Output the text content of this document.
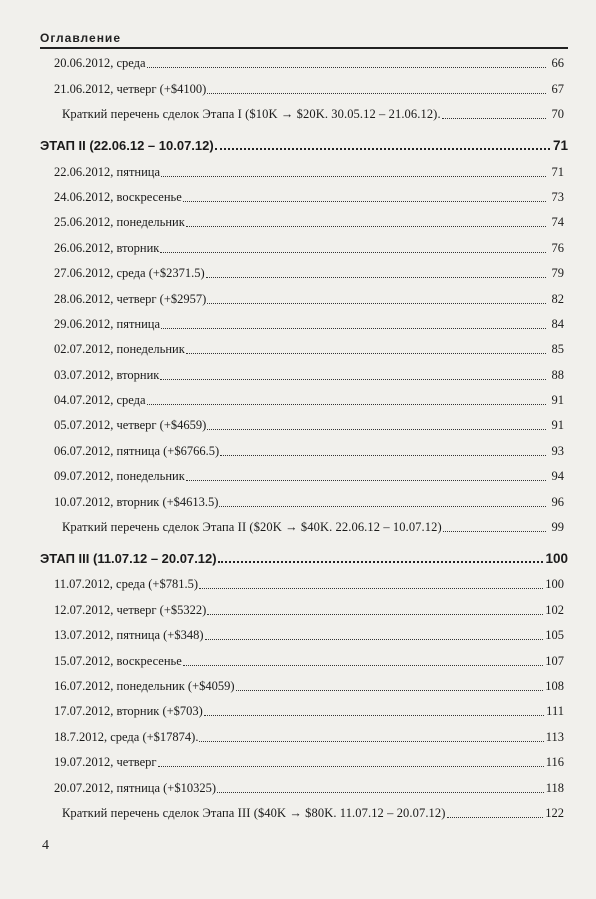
Оглавление
20.06.2012, среда	66
21.06.2012, четверг (+$4100)	67
Краткий перечень сделок Этапа I ($10K → $20K. 30.05.12 – 21.06.12).	70
ЭТАП II (22.06.12 – 10.07.12)	71
22.06.2012, пятница	71
24.06.2012, воскресенье	73
25.06.2012, понедельник	74
26.06.2012, вторник	76
27.06.2012, среда (+$2371.5)	79
28.06.2012, четверг (+$2957)	82
29.06.2012, пятница	84
02.07.2012, понедельник	85
03.07.2012, вторник	88
04.07.2012, среда	91
05.07.2012, четверг (+$4659)	91
06.07.2012, пятница (+$6766.5)	93
09.07.2012, понедельник	94
10.07.2012, вторник (+$4613.5)	96
Краткий перечень сделок Этапа II ($20K → $40K. 22.06.12 – 10.07.12)	99
ЭТАП III (11.07.12 – 20.07.12)	100
11.07.2012, среда (+$781.5)	100
12.07.2012, четверг (+$5322)	102
13.07.2012, пятница (+$348)	105
15.07.2012, воскресенье	107
16.07.2012, понедельник (+$4059)	108
17.07.2012, вторник (+$703)	111
18.7.2012, среда (+$17874).	113
19.07.2012, четверг	116
20.07.2012, пятница (+$10325)	118
Краткий перечень сделок Этапа III ($40K → $80K. 11.07.12 – 20.07.12)	122
4
